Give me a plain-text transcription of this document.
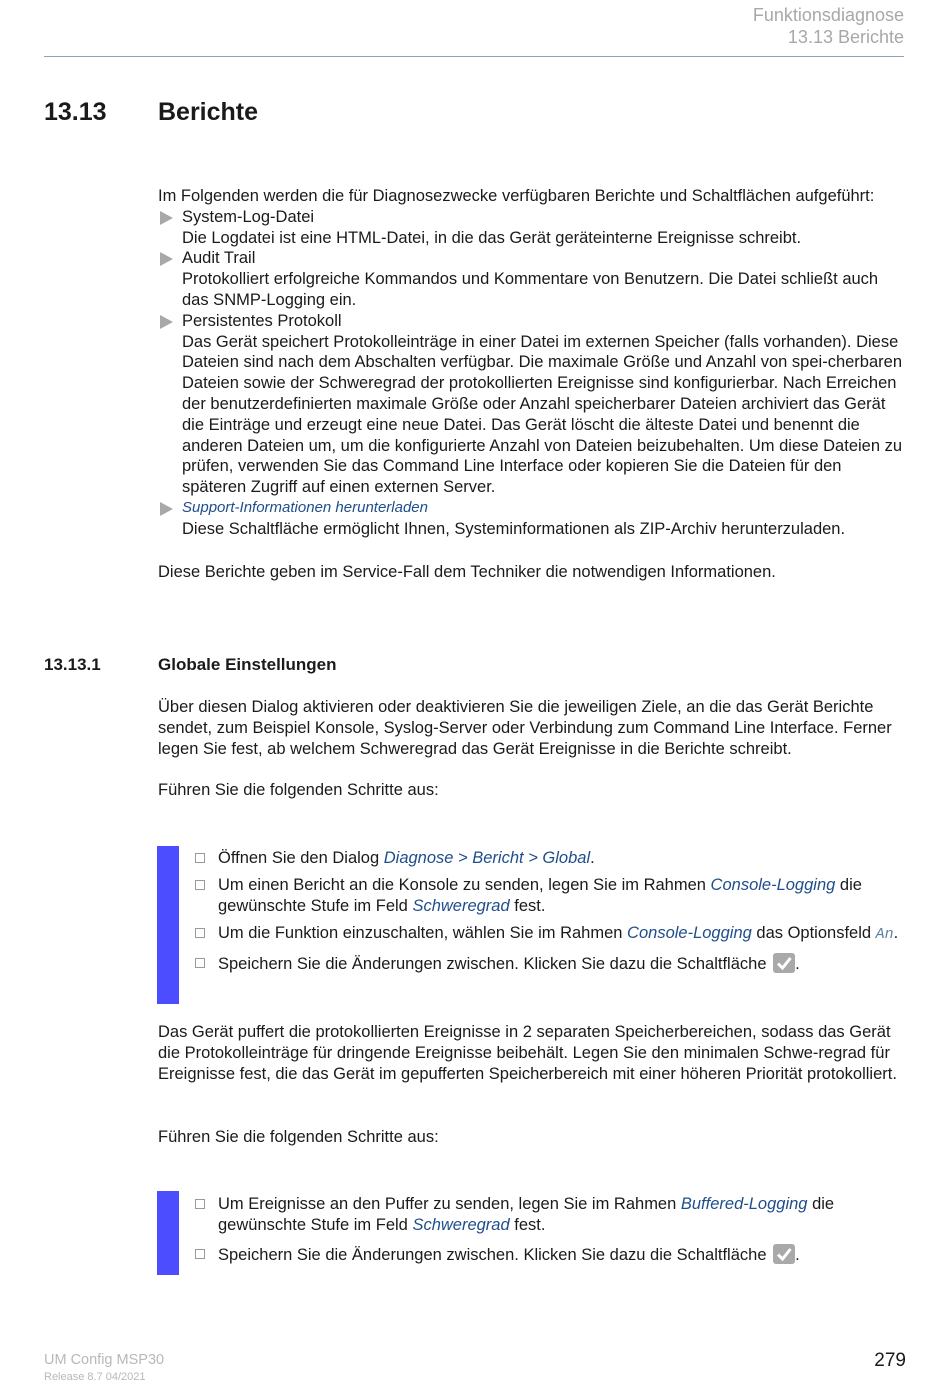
Funktionsdiagnose
13.13 Berichte
13.13 Berichte
Im Folgenden werden die für Diagnosezwecke verfügbaren Berichte und Schaltflächen aufgeführt:
System-Log-Datei
Die Logdatei ist eine HTML-Datei, in die das Gerät geräteinterne Ereignisse schreibt.
Audit Trail
Protokolliert erfolgreiche Kommandos und Kommentare von Benutzern. Die Datei schließt auch das SNMP-Logging ein.
Persistentes Protokoll
Das Gerät speichert Protokolleinträge in einer Datei im externen Speicher (falls vorhanden). Diese Dateien sind nach dem Abschalten verfügbar. Die maximale Größe und Anzahl von spei-cherbaren Dateien sowie der Schweregrad der protokollierten Ereignisse sind konfigurierbar. Nach Erreichen der benutzerdefinierten maximale Größe oder Anzahl speicherbarer Dateien archiviert das Gerät die Einträge und erzeugt eine neue Datei. Das Gerät löscht die älteste Datei und benennt die anderen Dateien um, um die konfigurierte Anzahl von Dateien beizubehalten. Um diese Dateien zu prüfen, verwenden Sie das Command Line Interface oder kopieren Sie die Dateien für den späteren Zugriff auf einen externen Server.
Support-Informationen herunterladen
Diese Schaltfläche ermöglicht Ihnen, Systeminformationen als ZIP-Archiv herunterzuladen.
Diese Berichte geben im Service-Fall dem Techniker die notwendigen Informationen.
13.13.1	Globale Einstellungen
Über diesen Dialog aktivieren oder deaktivieren Sie die jeweiligen Ziele, an die das Gerät Berichte sendet, zum Beispiel Konsole, Syslog-Server oder Verbindung zum Command Line Interface. Ferner legen Sie fest, ab welchem Schweregrad das Gerät Ereignisse in die Berichte schreibt.
Führen Sie die folgenden Schritte aus:
Öffnen Sie den Dialog Diagnose > Bericht > Global.
Um einen Bericht an die Konsole zu senden, legen Sie im Rahmen Console-Logging die gewünschte Stufe im Feld Schweregrad fest.
Um die Funktion einzuschalten, wählen Sie im Rahmen Console-Logging das Optionsfeld An.
Speichern Sie die Änderungen zwischen. Klicken Sie dazu die Schaltfläche
.
Das Gerät puffert die protokollierten Ereignisse in 2 separaten Speicherbereichen, sodass das Gerät die Protokolleinträge für dringende Ereignisse beibehält. Legen Sie den minimalen Schwe-regrad für Ereignisse fest, die das Gerät im gepufferten Speicherbereich mit einer höheren Priorität protokolliert.
Führen Sie die folgenden Schritte aus:
Um Ereignisse an den Puffer zu senden, legen Sie im Rahmen Buffered-Logging die gewünschte Stufe im Feld Schweregrad fest.
Speichern Sie die Änderungen zwischen. Klicken Sie dazu die Schaltfläche
.
UM Config MSP30
Release 8.7 04/2021
279
